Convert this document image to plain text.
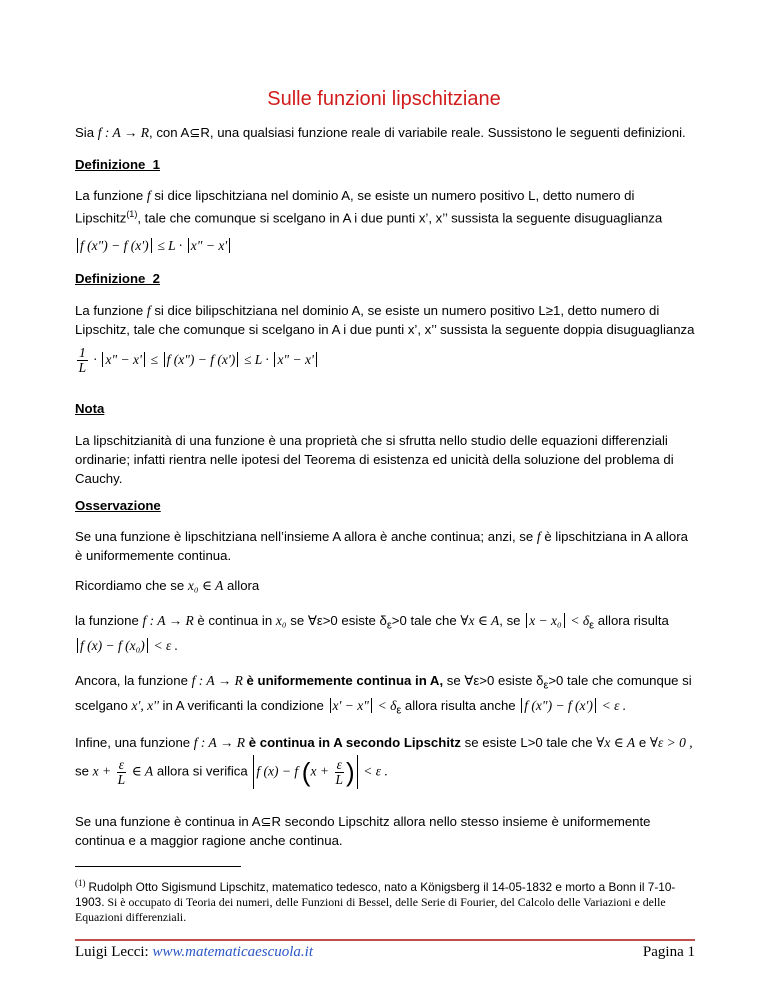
Sulle funzioni lipschitziane
Sia f : A → R, con A⊆R, una qualsiasi funzione reale di variabile reale. Sussistono le seguenti definizioni.
Definizione_1
La funzione f si dice lipschitziana nel dominio A, se esiste un numero positivo L, detto numero di Lipschitz$^{(1)}$, tale che comunque si scelgano in A i due punti x’, x’’ sussista la seguente disuguaglianza
f (x") − f (x') ≤ L · x" − x'
Definizione_2
La funzione f si dice bilipschitziana nel dominio A, se esiste un numero positivo L≥1, detto numero di Lipschitz, tale che comunque si scelgano in A i due punti x’, x’’ sussista la seguente doppia disuguaglianza
$\frac{1}{L} \cdot x$" − x' ≤ f (x") − f (x') ≤ L · x" − x'
Nota
La lipschitzianità di una funzione è una proprietà che si sfrutta nello studio delle equazioni differenziali ordinarie; infatti rientra nelle ipotesi del Teorema di esistenza ed unicità della soluzione del problema di Cauchy.
Osservazione
Se una funzione è lipschitziana nell’insieme A allora è anche continua; anzi, se f è lipschitziana in A allora è uniformemente continua.
Ricordiamo che se x₀ ∈ A allora
la funzione f : A → R è continua in x₀ se ∀ε>0 esiste $\delta_\varepsilon>0$ tale che ∀x ∈ A, se $x - x_0 < \delta_\varepsilon$ allora risulta
f (x) − f (x₀) < ε .
Ancora, la funzione f : A → R è uniformemente continua in A, se ∀ε>0 esiste $\delta_\varepsilon>0$ tale che comunque si
scelgano x', x'' in A verificanti la condizione x' − x" < $\delta_\varepsilon$ allora risulta anche f (x") − f (x') < ε .
Infine, una funzione f : A → R è continua in A secondo Lipschitz se esiste L>0 tale che ∀x ∈ A e ∀ε > 0 ,
se $x + \frac{\varepsilon}{L}$ ∈ A allora si verifica f (x) − f ($x + \frac{\varepsilon}{L}$ ) < ε .
Se una funzione è continua in A⊆R secondo Lipschitz allora nello stesso insieme è uniformemente continua e a maggior ragione anche continua.
$^{(1)}$ Rudolph Otto Sigismund Lipschitz, matematico tedesco, nato a Königsberg il 14-05-1832 e morto a Bonn il 7-10-1903. Si è occupato di Teoria dei numeri, delle Funzioni di Bessel, delle Serie di Fourier, del Calcolo delle Variazioni e delle Equazioni differenziali.
Luigi Lecci: www.matematicaescuola.it	Pagina 1
